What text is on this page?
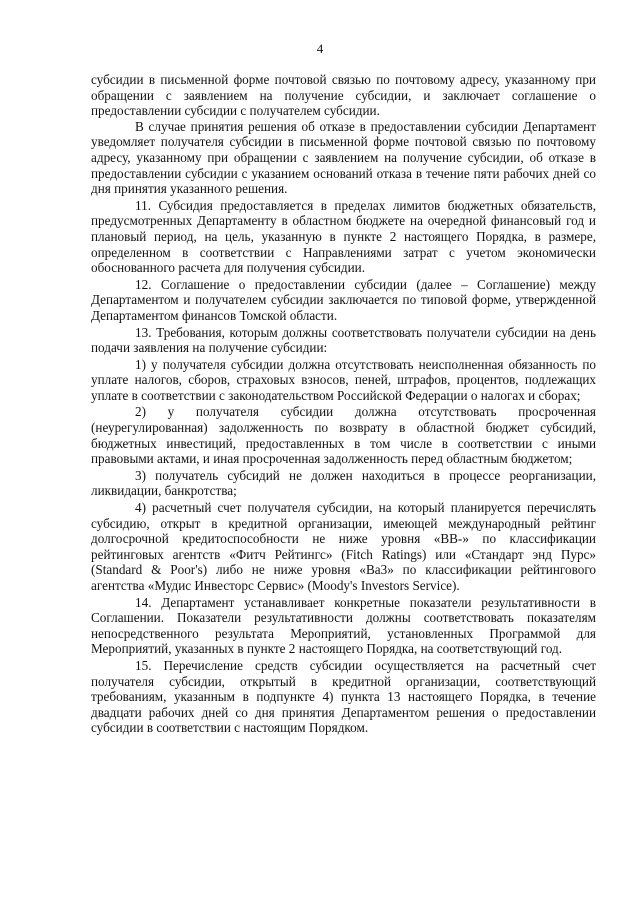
4

субсидии в письменной форме почтовой связью по почтовому адресу, указанному при обращении с заявлением на получение субсидии, и заключает соглашение о предоставлении субсидии с получателем субсидии.

В случае принятия решения об отказе в предоставлении субсидии Департамент уведомляет получателя субсидии в письменной форме почтовой связью по почтовому адресу, указанному при обращении с заявлением на получение субсидии, об отказе в предоставлении субсидии с указанием оснований отказа в течение пяти рабочих дней со дня принятия указанного решения.

11. Субсидия предоставляется в пределах лимитов бюджетных обязательств, предусмотренных Департаменту в областном бюджете на очередной финансовый год и плановый период, на цель, указанную в пункте 2 настоящего Порядка, в размере, определенном в соответствии с Направлениями затрат с учетом экономически обоснованного расчета для получения субсидии.

12. Соглашение о предоставлении субсидии (далее – Соглашение) между Департаментом и получателем субсидии заключается по типовой форме, утвержденной Департаментом финансов Томской области.

13. Требования, которым должны соответствовать получатели субсидии на день подачи заявления на получение субсидии:

1) у получателя субсидии должна отсутствовать неисполненная обязанность по уплате налогов, сборов, страховых взносов, пеней, штрафов, процентов, подлежащих уплате в соответствии с законодательством Российской Федерации о налогах и сборах;

2) у получателя субсидии должна отсутствовать просроченная (неурегулированная) задолженность по возврату в областной бюджет субсидий, бюджетных инвестиций, предоставленных в том числе в соответствии с иными правовыми актами, и иная просроченная задолженность перед областным бюджетом;

3) получатель субсидий не должен находиться в процессе реорганизации, ликвидации, банкротства;

4) расчетный счет получателя субсидии, на который планируется перечислять субсидию, открыт в кредитной организации, имеющей международный рейтинг долгосрочной кредитоспособности не ниже уровня «BB-» по классификации рейтинговых агентств «Фитч Рейтингс» (Fitch Ratings) или «Стандарт энд Пурс» (Standard & Poor's) либо не ниже уровня «Ba3» по классификации рейтингового агентства «Мудис Инвесторс Сервис» (Moody's Investors Service).

14. Департамент устанавливает конкретные показатели результативности в Соглашении. Показатели результативности должны соответствовать показателям непосредственного результата Мероприятий, установленных Программой для Мероприятий, указанных в пункте 2 настоящего Порядка, на соответствующий год.

15. Перечисление средств субсидии осуществляется на расчетный счет получателя субсидии, открытый в кредитной организации, соответствующий требованиям, указанным в подпункте 4) пункта 13 настоящего Порядка, в течение двадцати рабочих дней со дня принятия Департаментом решения о предоставлении субсидии в соответствии с настоящим Порядком.
